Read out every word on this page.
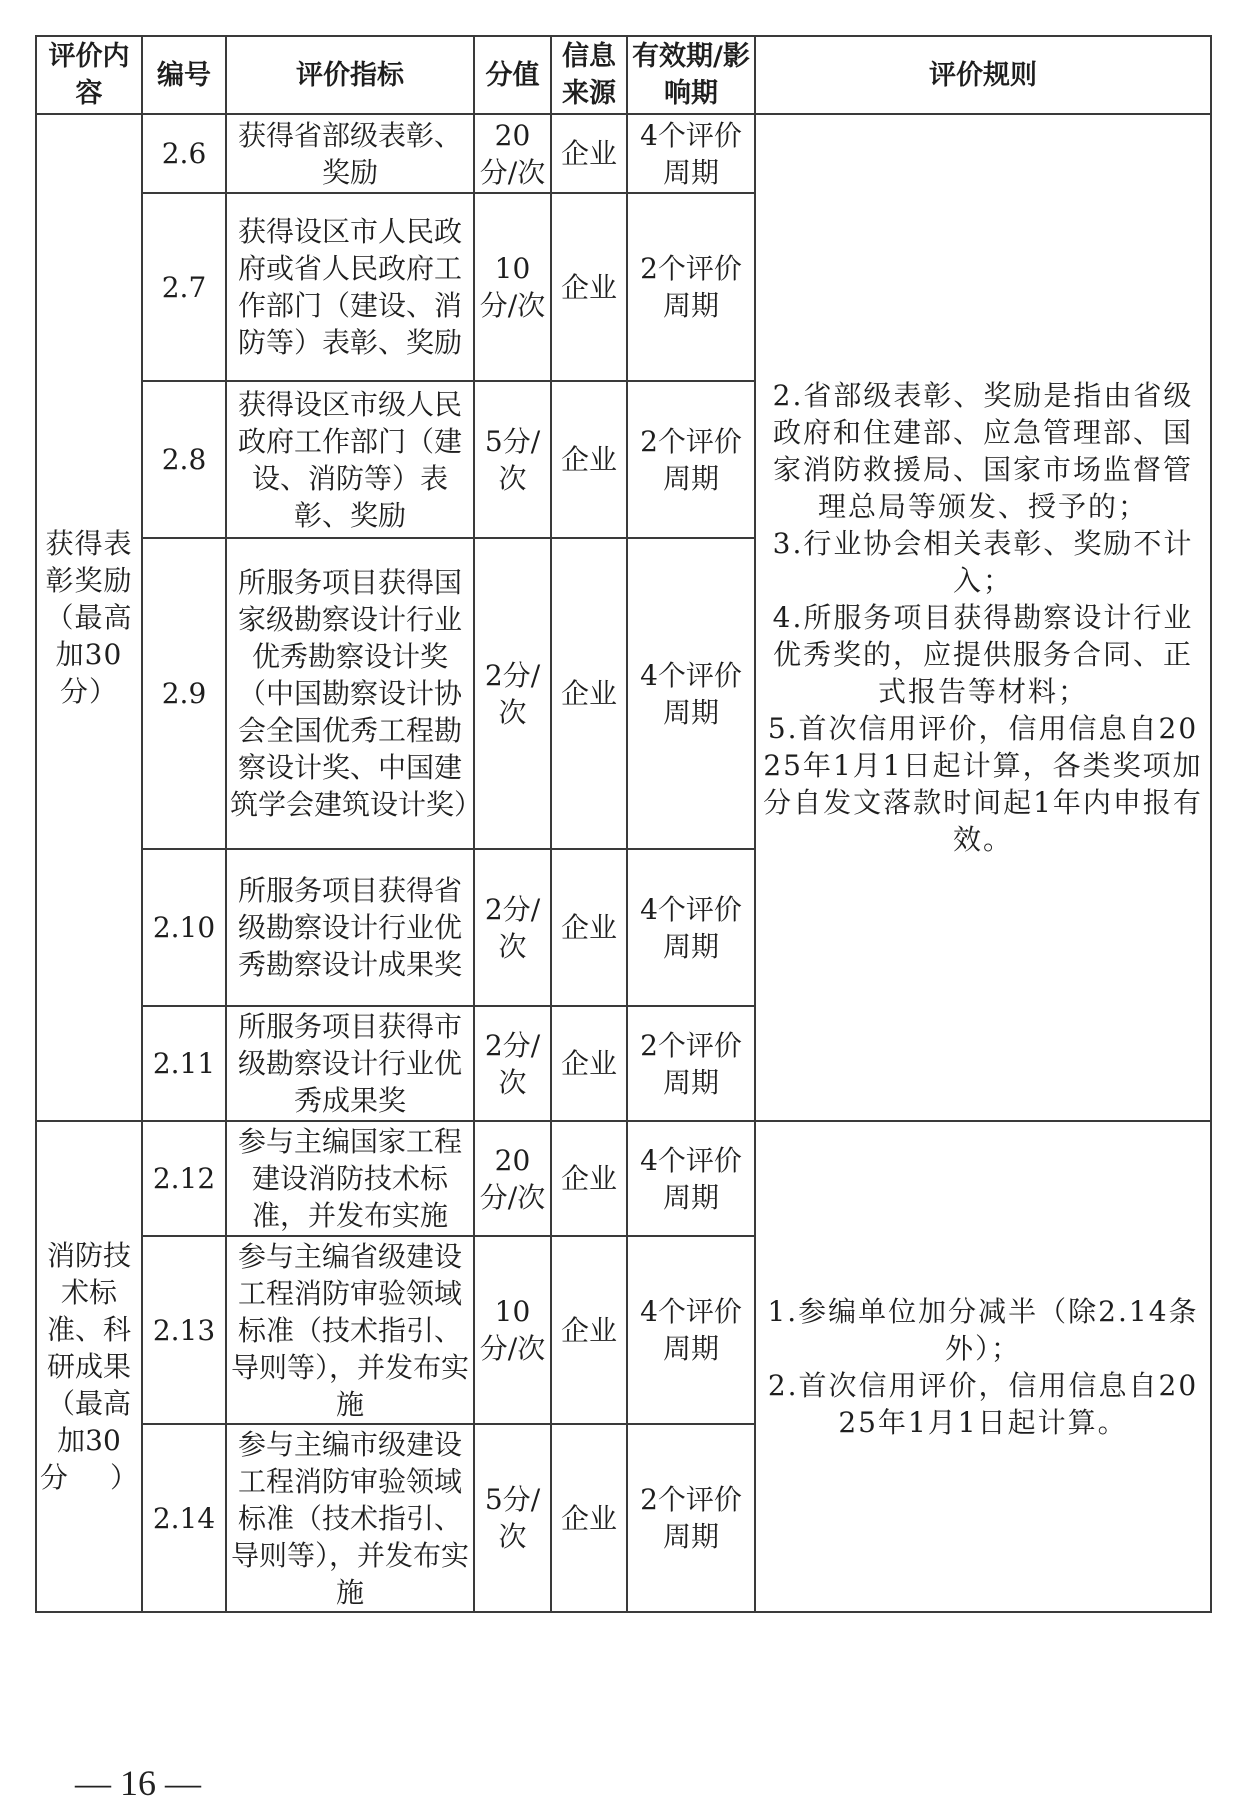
评价内容	编号	评价指标	分值	信息来源	有效期/影响期	评价规则
获得表彰奖励（最高加30分）	2.6	获得省部级表彰、奖励	20分/次	企业	4个评价周期	2.省部级表彰、奖励是指由省级政府和住建部、应急管理部、国家消防救援局、国家市场监督管理总局等颁发、授予的；
3.行业协会相关表彰、奖励不计入；
4.所服务项目获得勘察设计行业优秀奖的，应提供服务合同、正式报告等材料；
5.首次信用评价，信用信息自2025年1月1日起计算，各类奖项加分自发文落款时间起1年内申报有效。

	2.7	获得设区市人民政府或省人民政府工作部门（建设、消防等）表彰、奖励	10分/次	企业	2个评价周期	
	2.8	获得设区市级人民政府工作部门（建设、消防等）表彰、奖励	5分/次	企业	2个评价周期	
	2.9	所服务项目获得国家级勘察设计行业优秀勘察设计奖（中国勘察设计协会全国优秀工程勘察设计奖、中国建筑学会建筑设计奖）	2分/次	企业	4个评价周期	
	2.10	所服务项目获得省级勘察设计行业优秀勘察设计成果奖	2分/次	企业	4个评价周期	
	2.11	所服务项目获得市级勘察设计行业优秀成果奖	2分/次	企业	2个评价周期	
消防技术标准、科研成果（最高加30分）	2.12	参与主编国家工程建设消防技术标准，并发布实施	20分/次	企业	4个评价周期	1.参编单位加分减半（除2.14条外）；
2.首次信用评价，信用信息自2025年1月1日起计算。

	2.13	参与主编省级建设工程消防审验领域标准（技术指引、导则等），并发布实施	10分/次	企业	4个评价周期	
	2.14	参与主编市级建设工程消防审验领域标准（技术指引、导则等），并发布实施	5分/次	企业	2个评价周期	
— 16 —
